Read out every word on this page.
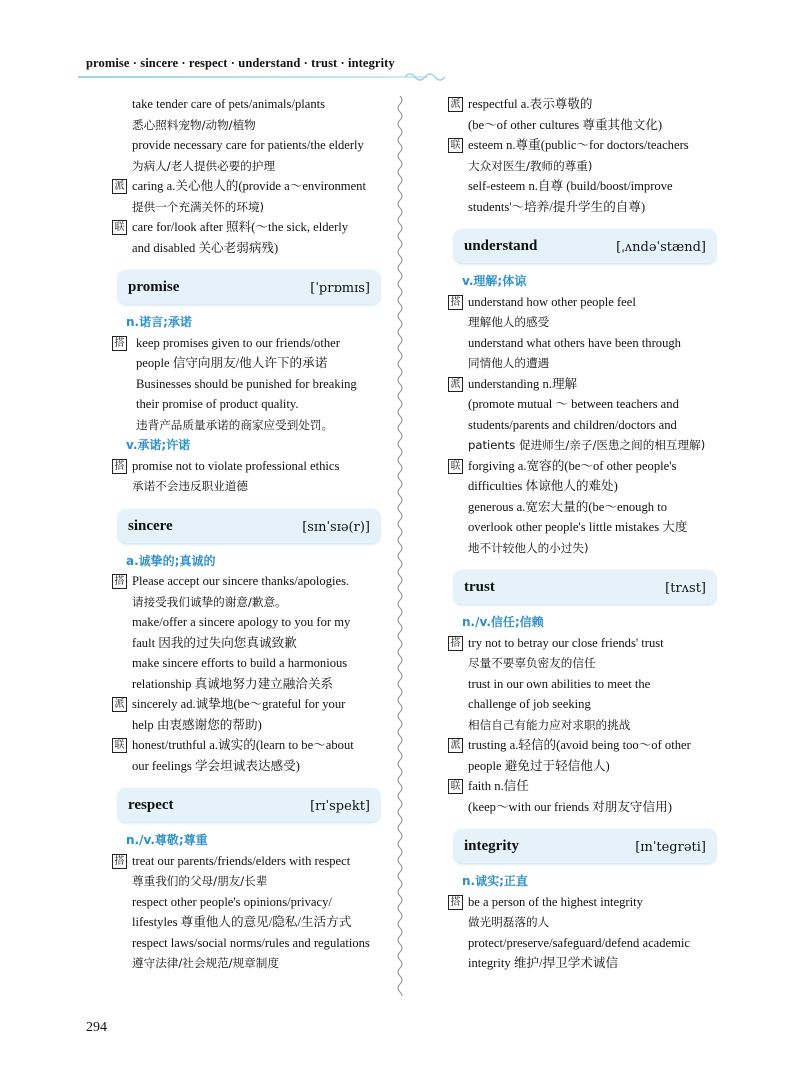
promise · sincere · respect · understand · trust · integrity
take tender care of pets/animals/plants
悉心照料宠物/动物/植物
provide necessary care for patients/the elderly
为病人/老人提供必要的护理
派 caring a.关心他人的(provide a～environment
提供一个充满关怀的环境)
联 care for/look after 照料(～the sick, elderly
and disabled 关心老弱病残)
promise	[ˈprɒmɪs]
n.诺言;承诺
搭 keep promises given to our friends/other
people 信守向朋友/他人许下的承诺
Businesses should be punished for breaking
their promise of product quality.
违背产品质量承诺的商家应受到处罚。
v.承诺;许诺
搭 promise not to violate professional ethics
承诺不会违反职业道德
sincere	[sɪnˈsɪə(r)]
a.诚挚的;真诚的
搭 Please accept our sincere thanks/apologies.
请接受我们诚挚的谢意/歉意。
make/offer a sincere apology to you for my
fault 因我的过失向您真诚致歉
make sincere efforts to build a harmonious
relationship 真诚地努力建立融洽关系
派 sincerely ad.诚挚地(be～grateful for your
help 由衷感谢您的帮助)
联 honest/truthful a.诚实的(learn to be～about
our feelings 学会坦诚表达感受)
respect	[rɪˈspekt]
n./v.尊敬;尊重
搭 treat our parents/friends/elders with respect
尊重我们的父母/朋友/长辈
respect other people's opinions/privacy/
lifestyles 尊重他人的意见/隐私/生活方式
respect laws/social norms/rules and regulations
遵守法律/社会规范/规章制度
派 respectful a.表示尊敬的
(be～of other cultures 尊重其他文化)
联 esteem n.尊重(public～for doctors/teachers
大众对医生/教师的尊重)
self-esteem n.自尊 (build/boost/improve
students'～培养/提升学生的自尊)
understand	[ˌʌndəˈstænd]
v.理解;体谅
搭 understand how other people feel
理解他人的感受
understand what others have been through
同情他人的遭遇
派 understanding n.理解
(promote mutual ～ between teachers and
students/parents and children/doctors and
patients 促进师生/亲子/医患之间的相互理解)
联 forgiving a.宽容的(be～of other people's
difficulties 体谅他人的难处)
generous a.宽宏大量的(be～enough to
overlook other people's little mistakes 大度
地不计较他人的小过失)
trust	[trʌst]
n./v.信任;信赖
搭 try not to betray our close friends' trust
尽量不要辜负密友的信任
trust in our own abilities to meet the
challenge of job seeking
相信自己有能力应对求职的挑战
派 trusting a.轻信的(avoid being too～of other
people 避免过于轻信他人)
联 faith n.信任
(keep～with our friends 对朋友守信用)
integrity	[ɪnˈtegrəti]
n.诚实;正直
搭 be a person of the highest integrity
做光明磊落的人
protect/preserve/safeguard/defend academic
integrity 维护/捍卫学术诚信
294
